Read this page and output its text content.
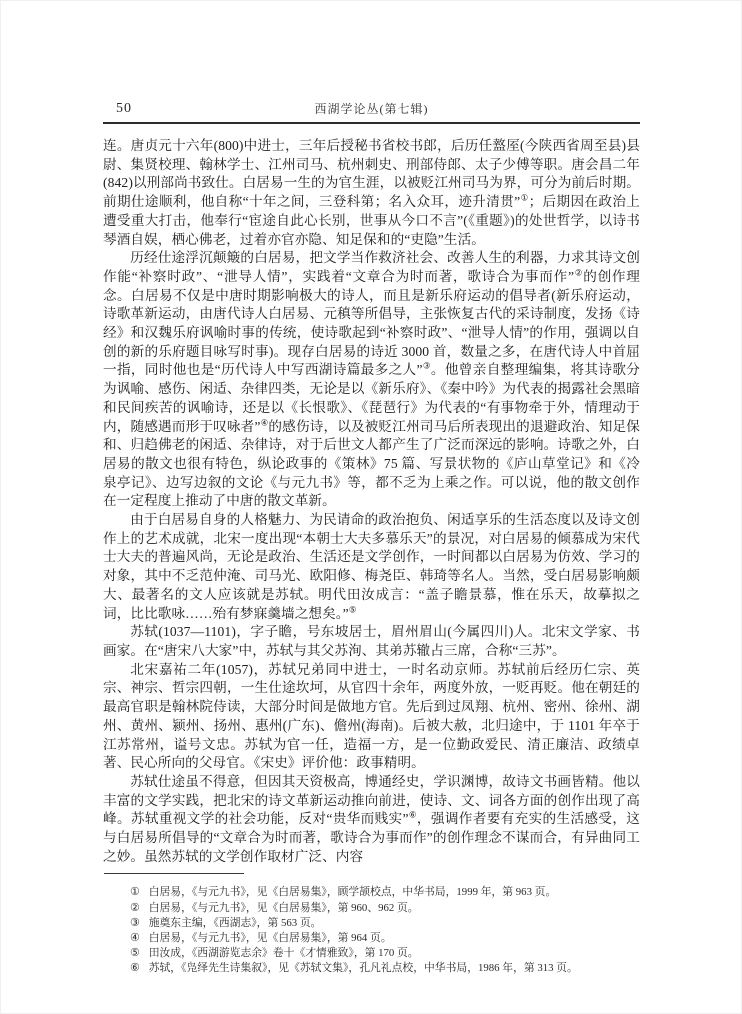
50	西湖学论丛(第七辑)

连。唐贞元十六年(800)中进士，三年后授秘书省校书郎，后历任盩厔(今陕西省周至县)县尉、集贤校理、翰林学士、江州司马、杭州刺史、刑部侍郎、太子少傅等职。唐会昌二年(842)以刑部尚书致仕。白居易一生的为官生涯，以被贬江州司马为界，可分为前后时期。前期仕途顺利，他自称“十年之间，三登科第；名入众耳，迹升清贯”①；后期因在政治上遭受重大打击，他奉行“宦途自此心长别，世事从今口不言”(《重题》)的处世哲学，以诗书琴酒自娱，栖心佛老，过着亦官亦隐、知足保和的“吏隐”生活。

历经仕途浮沉颠簸的白居易，把文学当作救济社会、改善人生的利器，力求其诗文创作能“补察时政”、“泄导人情”，实践着“文章合为时而著，歌诗合为事而作”②的创作理念。白居易不仅是中唐时期影响极大的诗人，而且是新乐府运动的倡导者(新乐府运动，诗歌革新运动，由唐代诗人白居易、元稹等所倡导，主张恢复古代的采诗制度，发扬《诗经》和汉魏乐府讽喻时事的传统，使诗歌起到“补察时政”、“泄导人情”的作用，强调以自创的新的乐府题目咏写时事)。现存白居易的诗近 3000 首，数量之多，在唐代诗人中首屈一指，同时他也是“历代诗人中写西湖诗篇最多之人”③。他曾亲自整理编集，将其诗歌分为讽喻、感伤、闲适、杂律四类，无论是以《新乐府》、《秦中吟》为代表的揭露社会黑暗和民间疾苦的讽喻诗，还是以《长恨歌》、《琵琶行》为代表的“有事物牵于外，情理动于内，随感遇而形于叹咏者”④的感伤诗，以及被贬江州司马后所表现出的退避政治、知足保和、归趋佛老的闲适、杂律诗，对于后世文人都产生了广泛而深远的影响。诗歌之外，白居易的散文也很有特色，纵论政事的《策林》75 篇、写景状物的《庐山草堂记》和《冷泉亭记》、边写边叙的文论《与元九书》等，都不乏为上乘之作。可以说，他的散文创作在一定程度上推动了中唐的散文革新。

由于白居易自身的人格魅力、为民请命的政治抱负、闲适享乐的生活态度以及诗文创作上的艺术成就，北宋一度出现“本朝士大夫多慕乐天”的景况，对白居易的倾慕成为宋代士大夫的普遍风尚，无论是政治、生活还是文学创作，一时间都以白居易为仿效、学习的对象，其中不乏范仲淹、司马光、欧阳修、梅尧臣、韩琦等名人。当然，受白居易影响颇大、最著名的文人应该就是苏轼。明代田汝成言：“盖子瞻景慕，惟在乐天，故摹拟之词，比比歌咏……殆有梦寐羹墙之想矣。”⑤

苏轼(1037—1101)，字子瞻，号东坡居士，眉州眉山(今属四川)人。北宋文学家、书画家。在“唐宋八大家”中，苏轼与其父苏洵、其弟苏辙占三席，合称“三苏”。

北宋嘉祐二年(1057)，苏轼兄弟同中进士，一时名动京师。苏轼前后经历仁宗、英宗、神宗、哲宗四朝，一生仕途坎坷，从官四十余年，两度外放，一贬再贬。他在朝廷的最高官职是翰林院侍读，大部分时间是做地方官。先后到过凤翔、杭州、密州、徐州、湖州、黄州、颍州、扬州、惠州(广东)、儋州(海南)。后被大赦，北归途中，于 1101 年卒于江苏常州，谥号文忠。苏轼为官一任，造福一方，是一位勤政爱民、清正廉洁、政绩卓著、民心所向的父母官。《宋史》评价他：政事精明。

苏轼仕途虽不得意，但因其天资极高，博通经史，学识渊博，故诗文书画皆精。他以丰富的文学实践，把北宋的诗文革新运动推向前进，使诗、文、词各方面的创作出现了高峰。苏轼重视文学的社会功能，反对“贵华而贱实”⑥，强调作者要有充实的生活感受，这与白居易所倡导的“文章合为时而著，歌诗合为事而作”的创作理念不谋而合，有异曲同工之妙。虽然苏轼的文学创作取材广泛、内容

① 白居易，《与元九书》，见《白居易集》，顾学颉校点，中华书局，1999 年，第 963 页。
② 白居易，《与元九书》，见《白居易集》，第 960、962 页。
③ 施奠东主编，《西湖志》，第 563 页。
④ 白居易，《与元九书》，见《白居易集》，第 964 页。
⑤ 田汝成，《西湖游览志余》卷十《才情雅致》，第 170 页。
⑥ 苏轼，《凫绎先生诗集叙》，见《苏轼文集》，孔凡礼点校，中华书局，1986 年，第 313 页。
